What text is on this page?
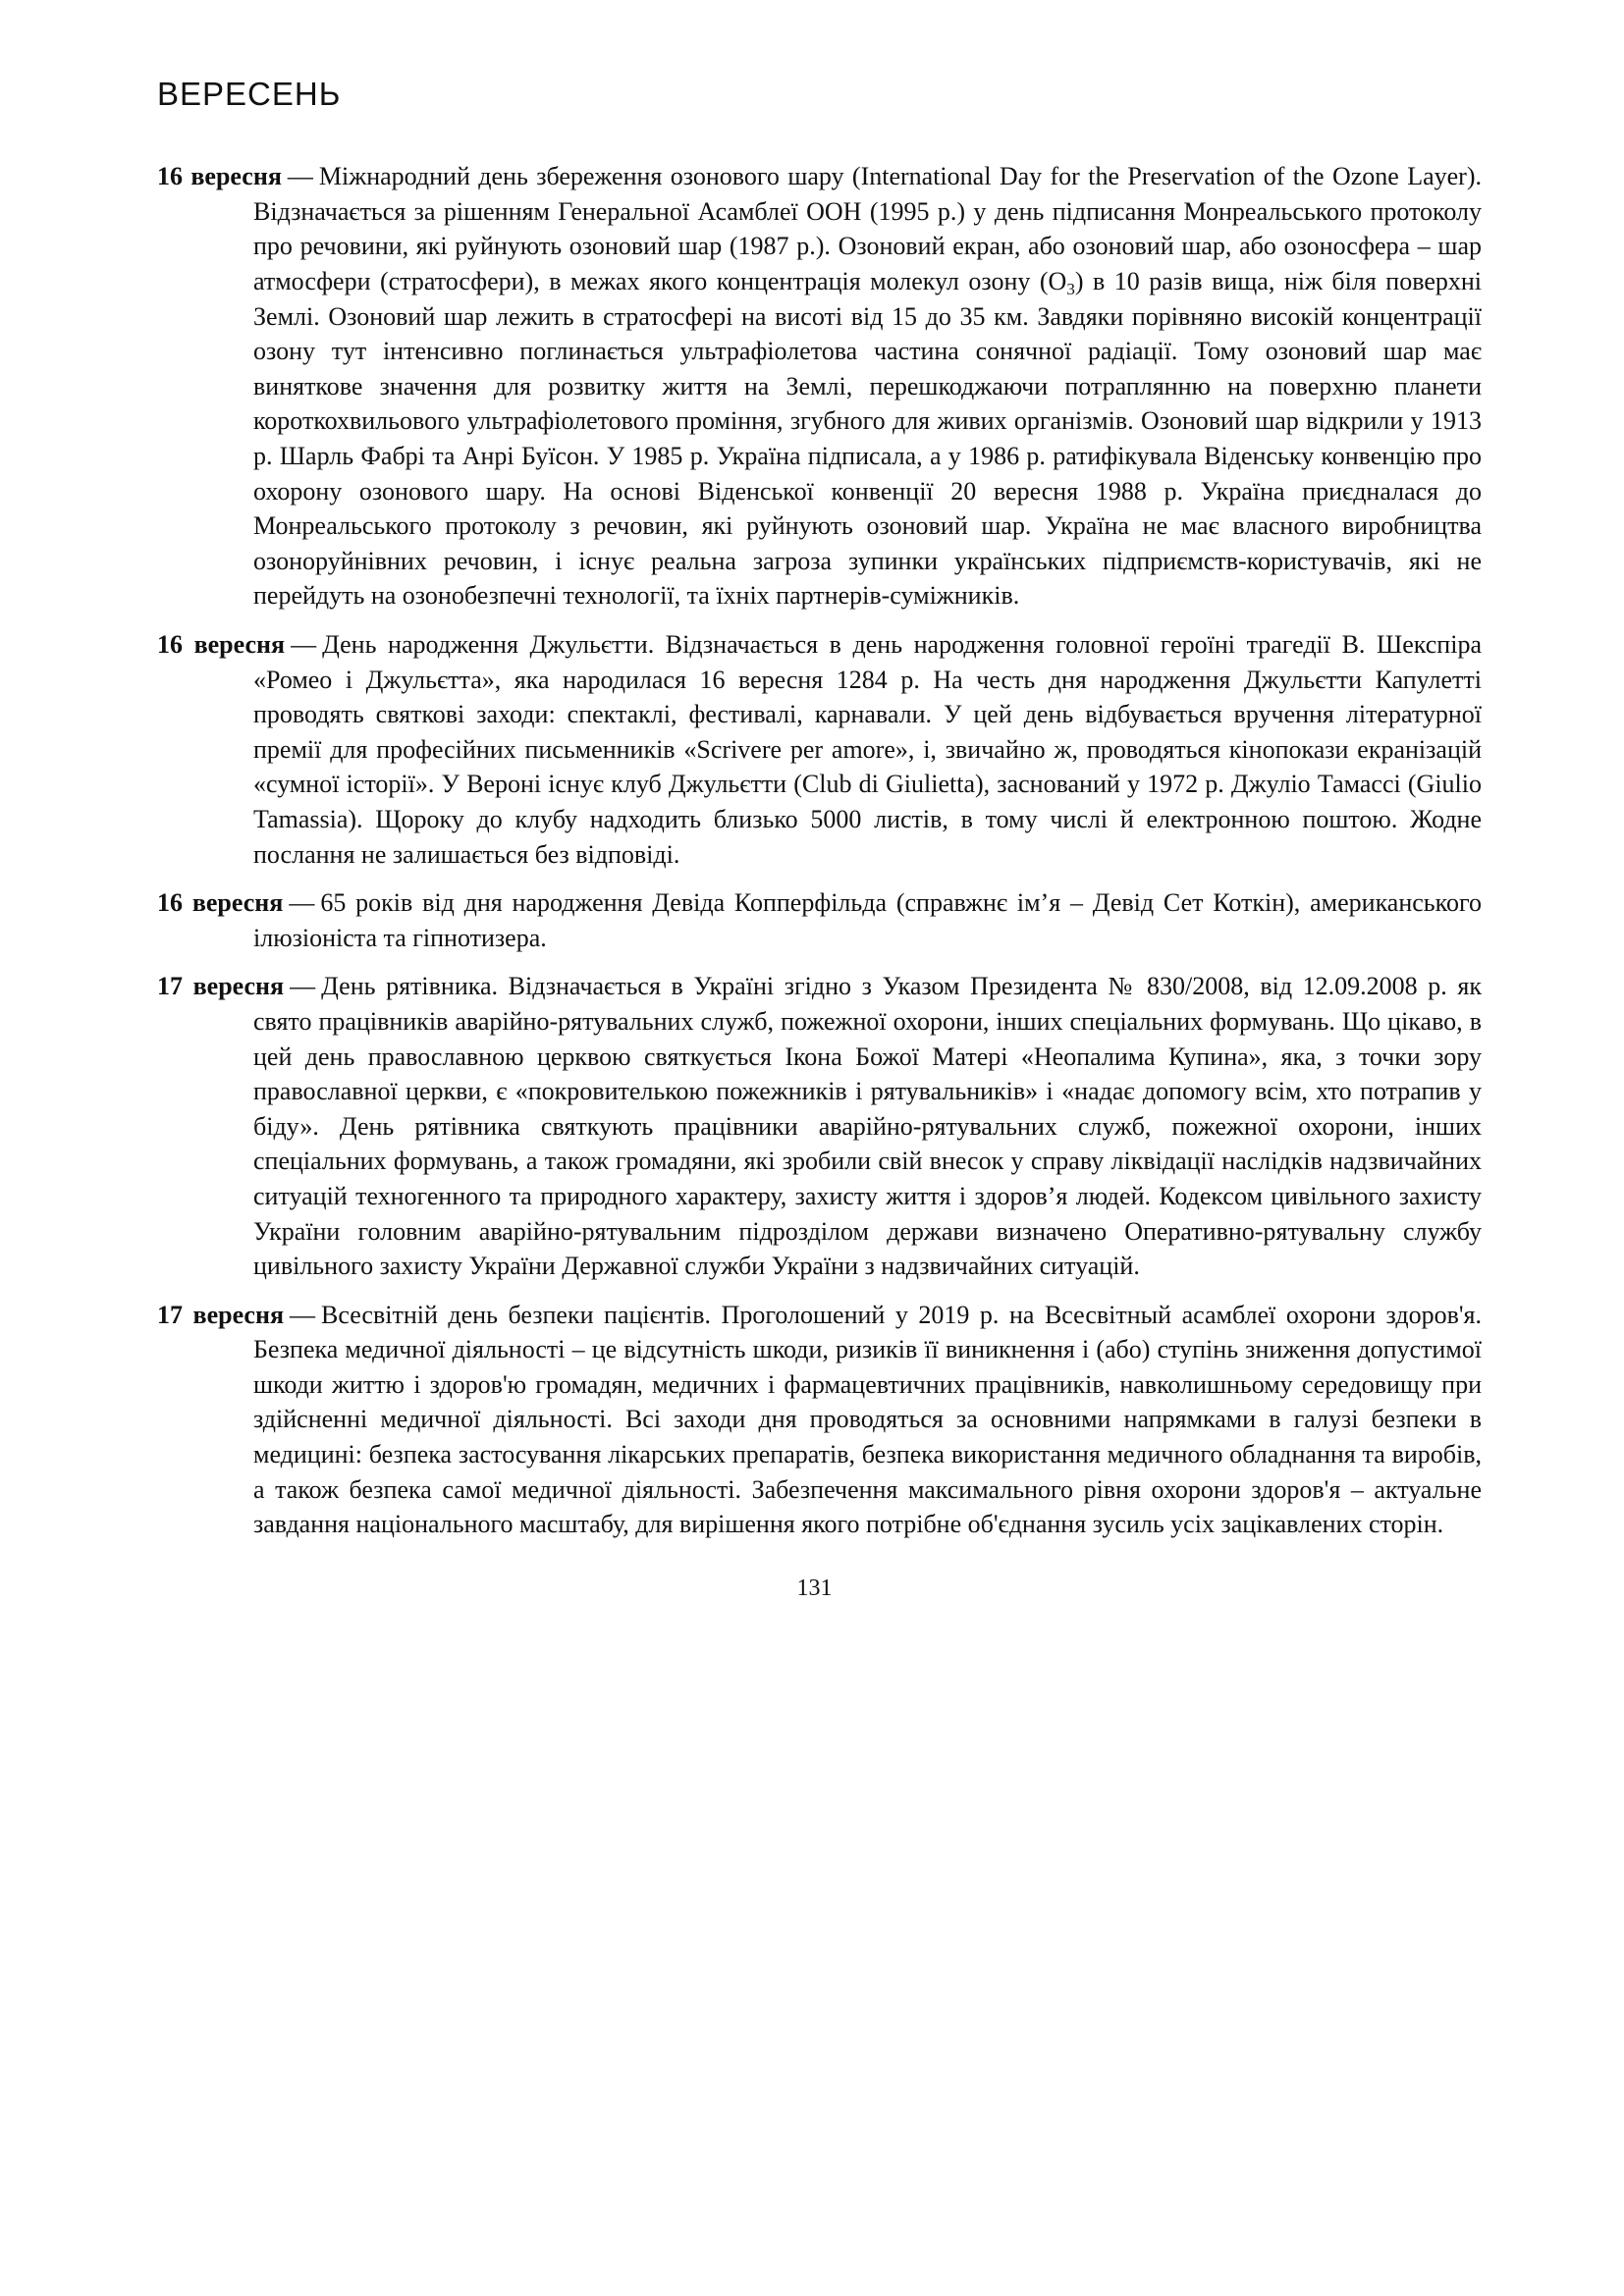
ВЕРЕСЕНЬ

16 вересня — Міжнародний день збереження озонового шару (International Day for the Preservation of the Ozone Layer). Відзначається за рішенням Генеральної Асамблеї ООН (1995 р.) у день підписання Монреальського протоколу про речовини, які руйнують озоновий шар (1987 р.). Озоновий екран, або озоновий шар, або озоносфера – шар атмосфери (стратосфери), в межах якого концентрація молекул озону $(O_3)$ в 10 разів вища, ніж біля поверхні Землі. Озоновий шар лежить в стратосфері на висоті від 15 до 35 км. Завдяки порівняно високій концентрації озону тут інтенсивно поглинається ультрафіолетова частина сонячної радіації. Тому озоновий шар має виняткове значення для розвитку життя на Землі, перешкоджаючи потраплянню на поверхню планети короткохвильового ультрафіолетового проміння, згубного для живих організмів. Озоновий шар відкрили у 1913 р. Шарль Фабрі та Анрі Буїсон. У 1985 р. Україна підписала, а у 1986 р. ратифікувала Віденську конвенцію про охорону озонового шару. На основі Віденської конвенції 20 вересня 1988 р. Україна приєдналася до Монреальського протоколу з речовин, які руйнують озоновий шар. Україна не має власного виробництва озоноруйнівних речовин, і існує реальна загроза зупинки українських підприємств-користувачів, які не перейдуть на озонобезпечні технології, та їхніх партнерів-суміжників.

16 вересня — День народження Джульєтти. Відзначається в день народження головної героїні трагедії В. Шекспіра «Ромео і Джульєтта», яка народилася 16 вересня 1284 р. На честь дня народження Джульєтти Капулетті проводять святкові заходи: спектаклі, фестивалі, карнавали. У цей день відбувається вручення літературної премії для професійних письменників «Scrivere per amore», і, звичайно ж, проводяться кінопокази екранізацій «сумної історії». У Вероні існує клуб Джульєтти (Club di Giulietta), заснований у 1972 р. Джуліо Тамассі (Giulio Tamassia). Щороку до клубу надходить близько 5000 листів, в тому числі й електронною поштою. Жодне послання не залишається без відповіді.

16 вересня — 65 років від дня народження Девіда Копперфільда (справжнє ім’я – Девід Сет Коткін), американського ілюзіоніста та гіпнотизера.

17 вересня — День рятівника. Відзначається в Україні згідно з Указом Президента № 830/2008, від 12.09.2008 р. як свято працівників аварійно-рятувальних служб, пожежної охорони, інших спеціальних формувань. Що цікаво, в цей день православною церквою святкується Ікона Божої Матері «Неопалима Купина», яка, з точки зору православної церкви, є «покровителькою пожежників і рятувальників» і «надає допомогу всім, хто потрапив у біду». День рятівника святкують працівники аварійно-рятувальних служб, пожежної охорони, інших спеціальних формувань, а також громадяни, які зробили свій внесок у справу ліквідації наслідків надзвичайних ситуацій техногенного та природного характеру, захисту життя і здоров’я людей. Кодексом цивільного захисту України головним аварійно-рятувальним підрозділом держави визначено Оперативно-рятувальну службу цивільного захисту України Державної служби України з надзвичайних ситуацій.

17 вересня — Всесвітній день безпеки пацієнтів. Проголошений у 2019 р. на Всесвітный асамблеї охорони здоров'я. Безпека медичної діяльності – це відсутність шкоди, ризиків її виникнення і (або) ступінь зниження допустимої шкоди життю і здоров'ю громадян, медичних і фармацевтичних працівників, навколишньому середовищу при здійсненні медичної діяльності. Всі заходи дня проводяться за основними напрямками в галузі безпеки в медицині: безпека застосування лікарських препаратів, безпека використання медичного обладнання та виробів, а також безпека самої медичної діяльності. Забезпечення максимального рівня охорони здоров'я – актуальне завдання національного масштабу, для вирішення якого потрібне об'єднання зусиль усіх зацікавлених сторін.

131
